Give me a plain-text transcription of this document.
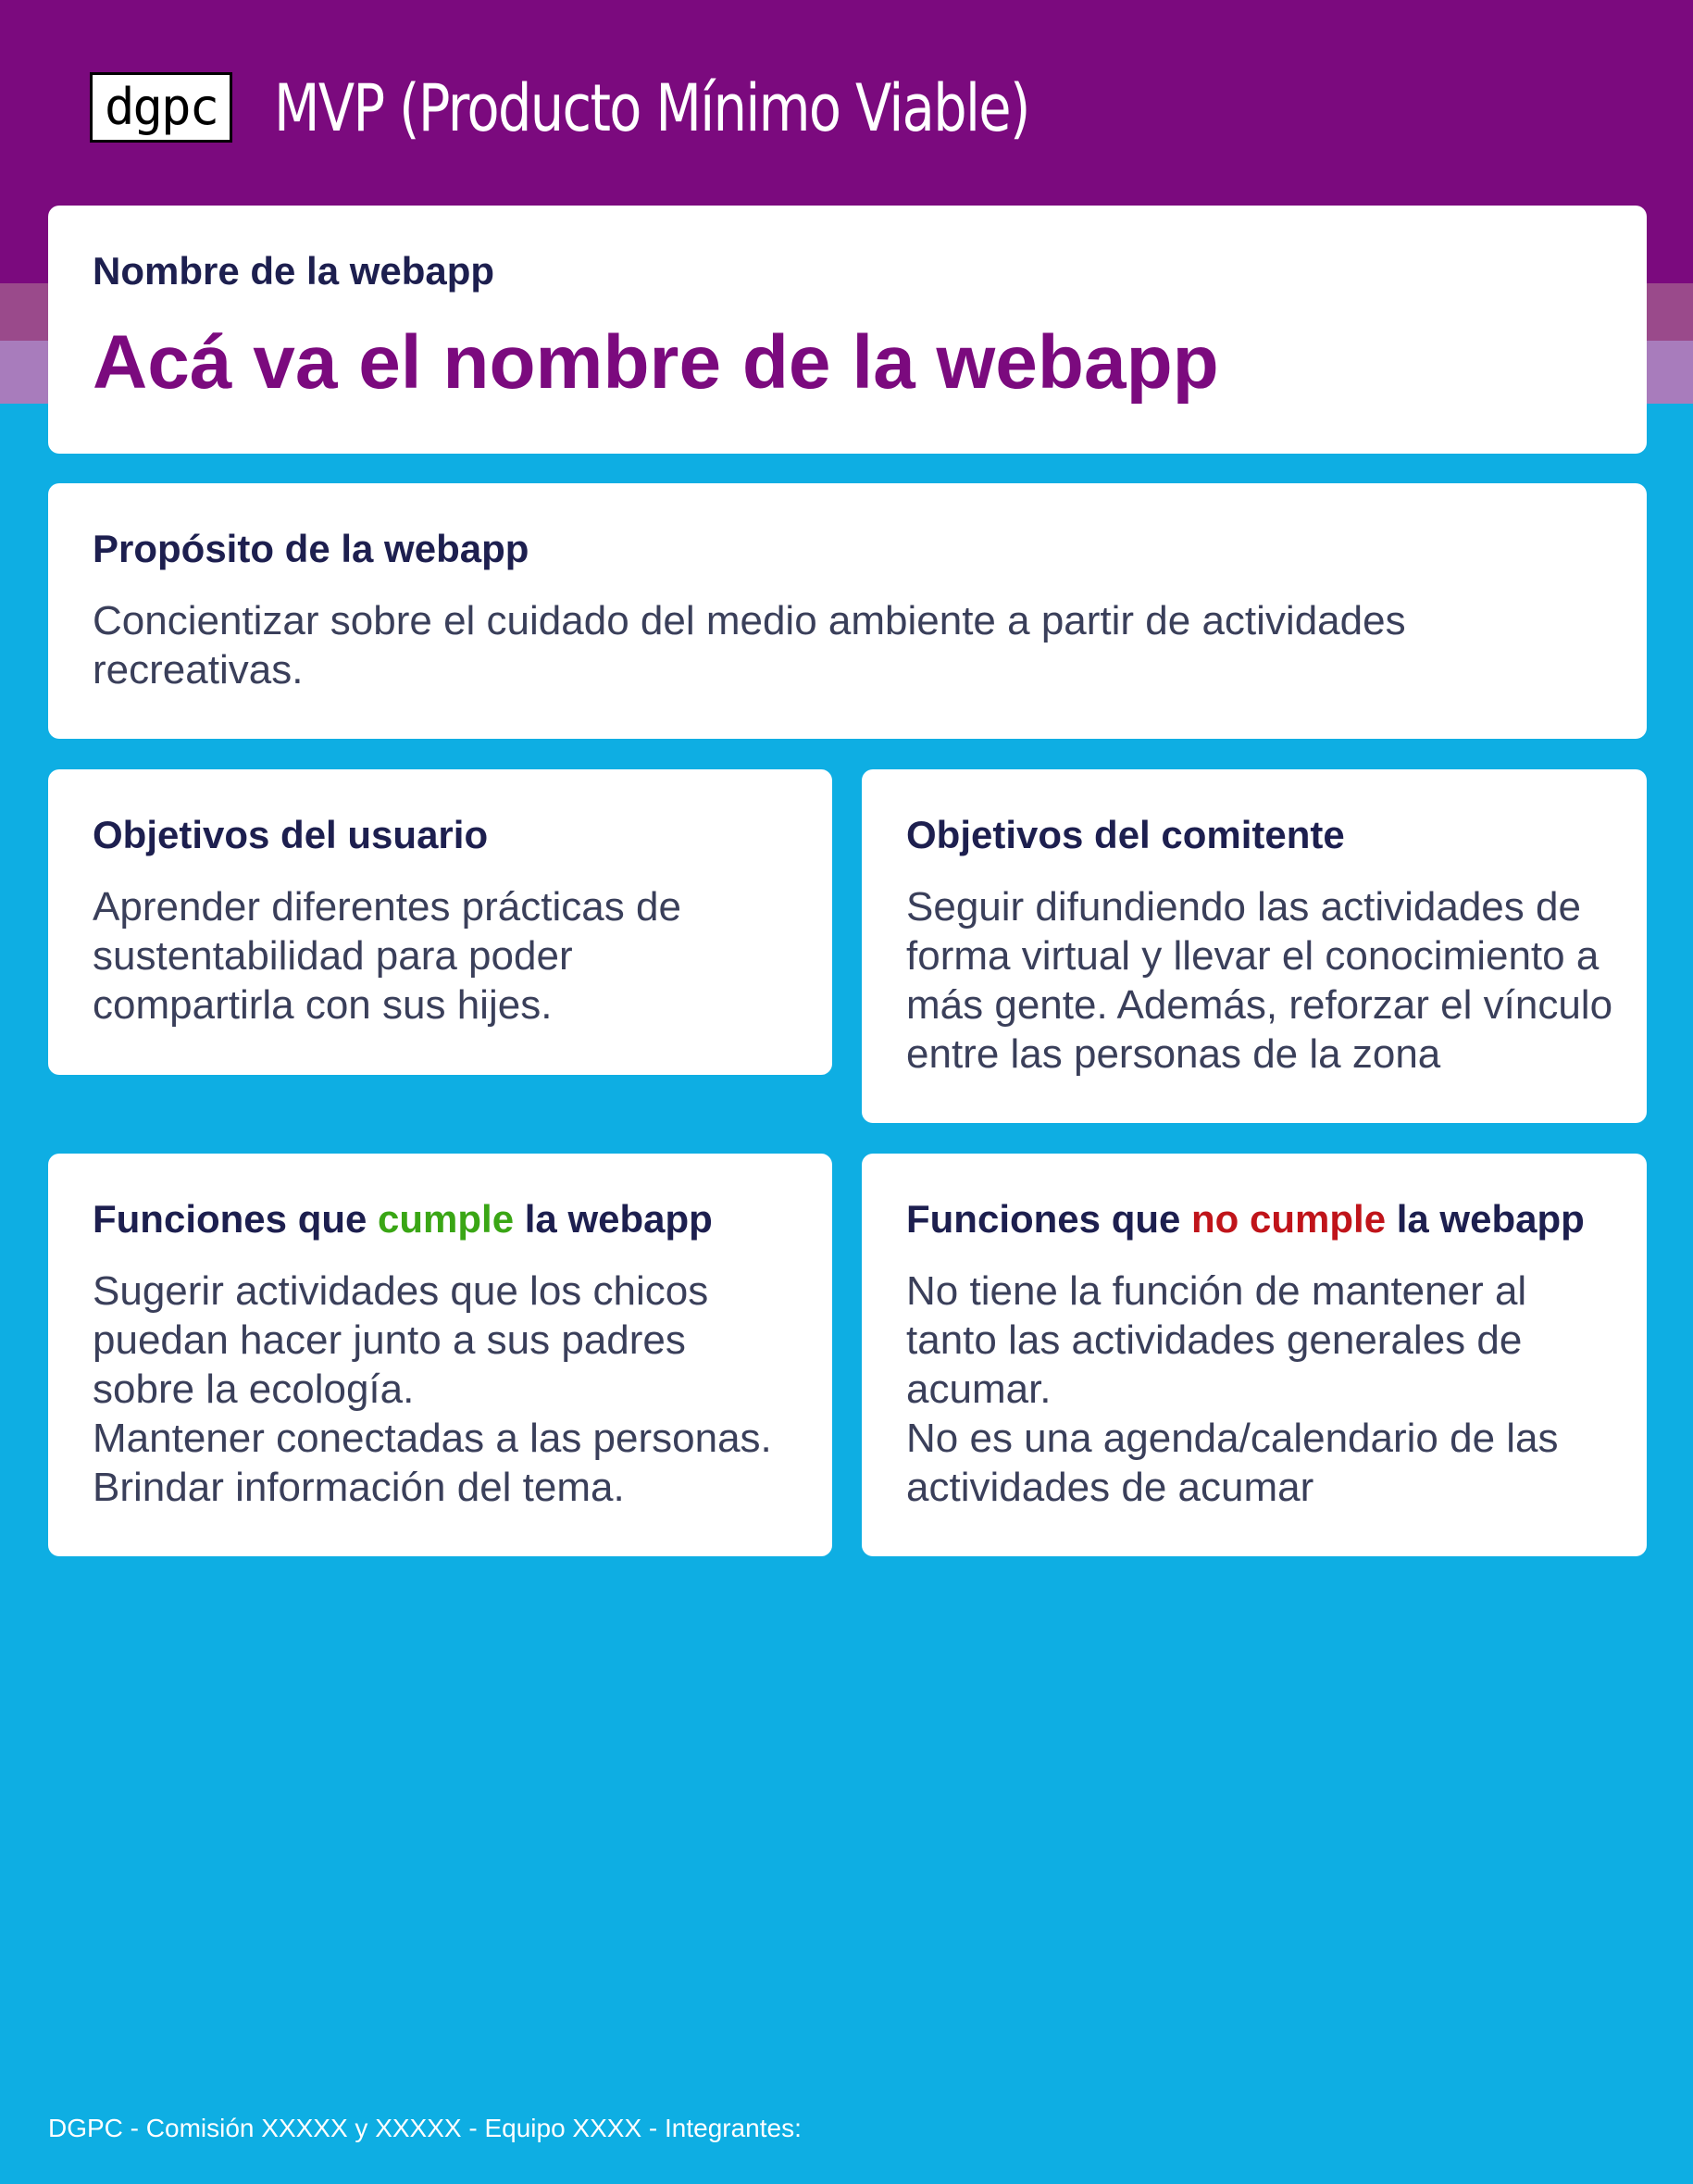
dgpc MVP (Producto Mínimo Viable)
Nombre de la webapp
Acá va el nombre de la webapp
Propósito de la webapp

Concientizar sobre el cuidado del medio ambiente a partir de actividades
recreativas.

Objetivos del usuario

Aprender diferentes prácticas de
sustentabilidad para poder
compartirla con sus hijes.

Objetivos del comitente

Seguir difundiendo las actividades de
forma virtual y llevar el conocimiento a
más gente. Además, reforzar el vínculo
entre las personas de la zona

Funciones que cumple la webapp

Sugerir actividades que los chicos
puedan hacer junto a sus padres
sobre la ecología.
Mantener conectadas a las personas.
Brindar información del tema.

Funciones que no cumple la webapp

No tiene la función de mantener al
tanto las actividades generales de
acumar.
No es una agenda/calendario de las
actividades de acumar

DGPC - Comisión XXXXX y XXXXX - Equipo XXXX - Integrantes:
